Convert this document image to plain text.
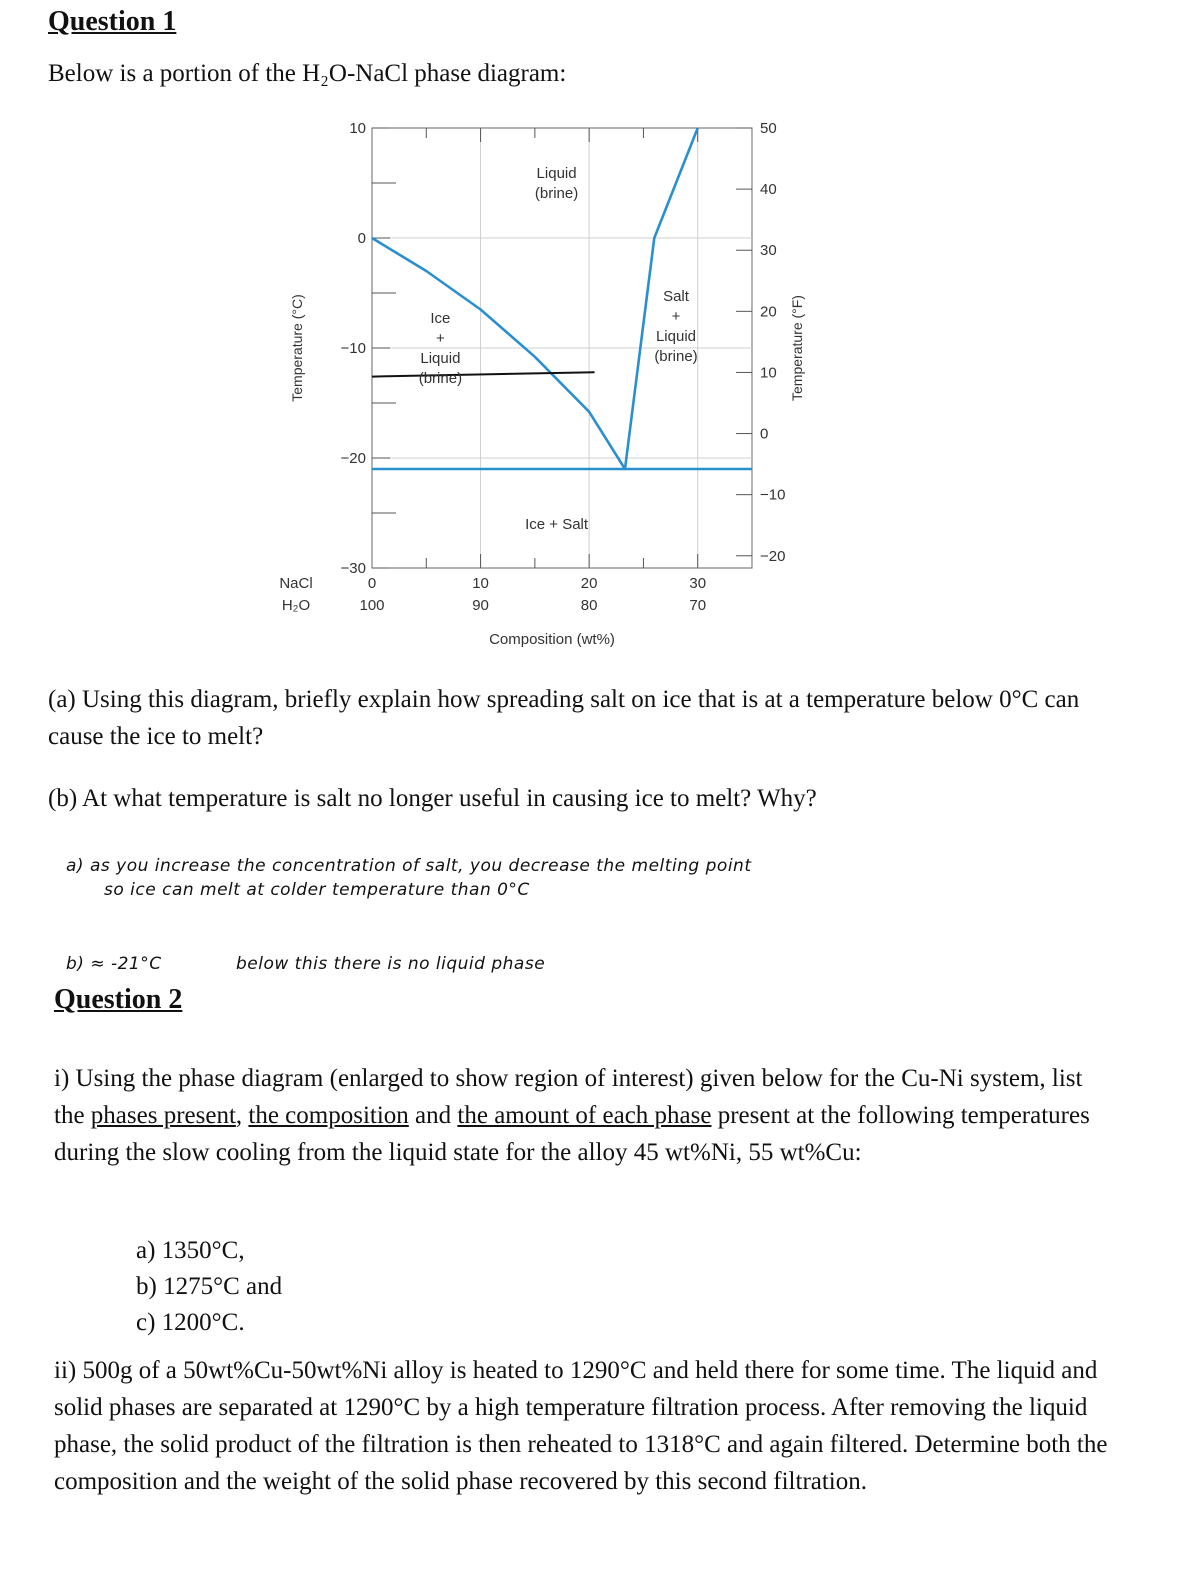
Question 1
Below is a portion of the H₂O-NaCl phase diagram:
10
0
−10
−20
−30
50
40
30
20
10
0
−10
−20
0
100
10
90
20
80
30
70
NaCl
H₂O
Composition (wt%)
Temperature (°C)	Temperature (°F)
Liquid
(brine)
Ice
+
Liquid
(brine)
Salt
+
Liquid
(brine)
Ice + Salt
(a) Using this diagram, briefly explain how spreading salt on ice that is at a temperature below 0°C can cause the ice to melt?
(b) At what temperature is salt no longer useful in causing ice to melt? Why?
a) as you increase the concentration of salt, you decrease the melting point
so ice can melt at colder temperature than 0°C
b) ≈ -21°C	below this there is no liquid phase
Question 2
i) Using the phase diagram (enlarged to show region of interest) given below for the Cu-Ni system, list the phases present, the composition and the amount of each phase present at the following temperatures during the slow cooling from the liquid state for the alloy 45 wt%Ni, 55 wt%Cu:
a) 1350°C,
b) 1275°C and
c) 1200°C.
ii) 500g of a 50wt%Cu-50wt%Ni alloy is heated to 1290°C and held there for some time. The liquid and solid phases are separated at 1290°C by a high temperature filtration process. After removing the liquid phase, the solid product of the filtration is then reheated to 1318°C and again filtered. Determine both the composition and the weight of the solid phase recovered by this second filtration.
